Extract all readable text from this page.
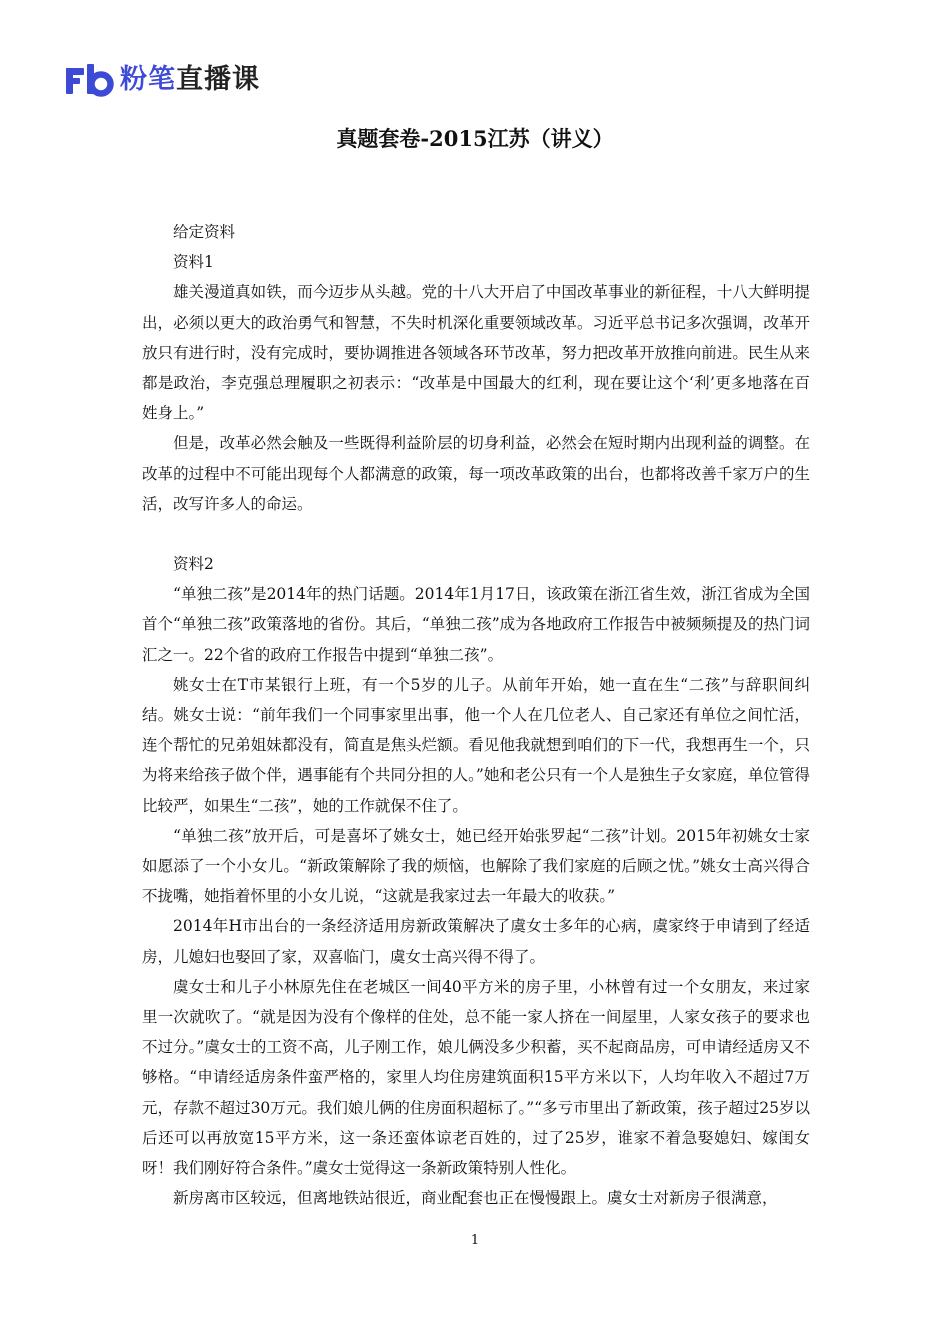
粉笔直播课
真题套卷-2015江苏（讲义）
给定资料
资料1

雄关漫道真如铁，而今迈步从头越。党的十八大开启了中国改革事业的新征程，十八大鲜明提出，必须以更大的政治勇气和智慧，不失时机深化重要领域改革。习近平总书记多次强调，改革开放只有进行时，没有完成时，要协调推进各领域各环节改革，努力把改革开放推向前进。民生从来都是政治，李克强总理履职之初表示：“改革是中国最大的红利，现在要让这个‘利’更多地落在百姓身上。”

但是，改革必然会触及一些既得利益阶层的切身利益，必然会在短时期内出现利益的调整。在改革的过程中不可能出现每个人都满意的政策，每一项改革政策的出台，也都将改善千家万户的生活，改写许多人的命运。

资料2

“单独二孩”是2014年的热门话题。2014年1月17日，该政策在浙江省生效，浙江省成为全国首个“单独二孩”政策落地的省份。其后，“单独二孩”成为各地政府工作报告中被频频提及的热门词汇之一。22个省的政府工作报告中提到“单独二孩”。

姚女士在T市某银行上班，有一个5岁的儿子。从前年开始，她一直在生“二孩”与辞职间纠结。姚女士说：“前年我们一个同事家里出事，他一个人在几位老人、自己家还有单位之间忙活，连个帮忙的兄弟姐妹都没有，简直是焦头烂额。看见他我就想到咱们的下一代，我想再生一个，只为将来给孩子做个伴，遇事能有个共同分担的人。”她和老公只有一个人是独生子女家庭，单位管得比较严，如果生“二孩”，她的工作就保不住了。

“单独二孩”放开后，可是喜坏了姚女士，她已经开始张罗起“二孩”计划。2015年初姚女士家如愿添了一个小女儿。“新政策解除了我的烦恼，也解除了我们家庭的后顾之忧。”姚女士高兴得合不拢嘴，她指着怀里的小女儿说，“这就是我家过去一年最大的收获。”

2014年H市出台的一条经济适用房新政策解决了虞女士多年的心病，虞家终于申请到了经适房，儿媳妇也娶回了家，双喜临门，虞女士高兴得不得了。

虞女士和儿子小林原先住在老城区一间40平方米的房子里，小林曾有过一个女朋友，来过家里一次就吹了。“就是因为没有个像样的住处，总不能一家人挤在一间屋里，人家女孩子的要求也不过分。”虞女士的工资不高，儿子刚工作，娘儿俩没多少积蓄，买不起商品房，可申请经适房又不够格。“申请经适房条件蛮严格的，家里人均住房建筑面积15平方米以下，人均年收入不超过7万元，存款不超过30万元。我们娘儿俩的住房面积超标了。”“多亏市里出了新政策，孩子超过25岁以后还可以再放宽15平方米，这一条还蛮体谅老百姓的，过了25岁，谁家不着急娶媳妇、嫁闺女呀！我们刚好符合条件。”虞女士觉得这一条新政策特别人性化。

新房离市区较远，但离地铁站很近，商业配套也正在慢慢跟上。虞女士对新房子很满意，

1
